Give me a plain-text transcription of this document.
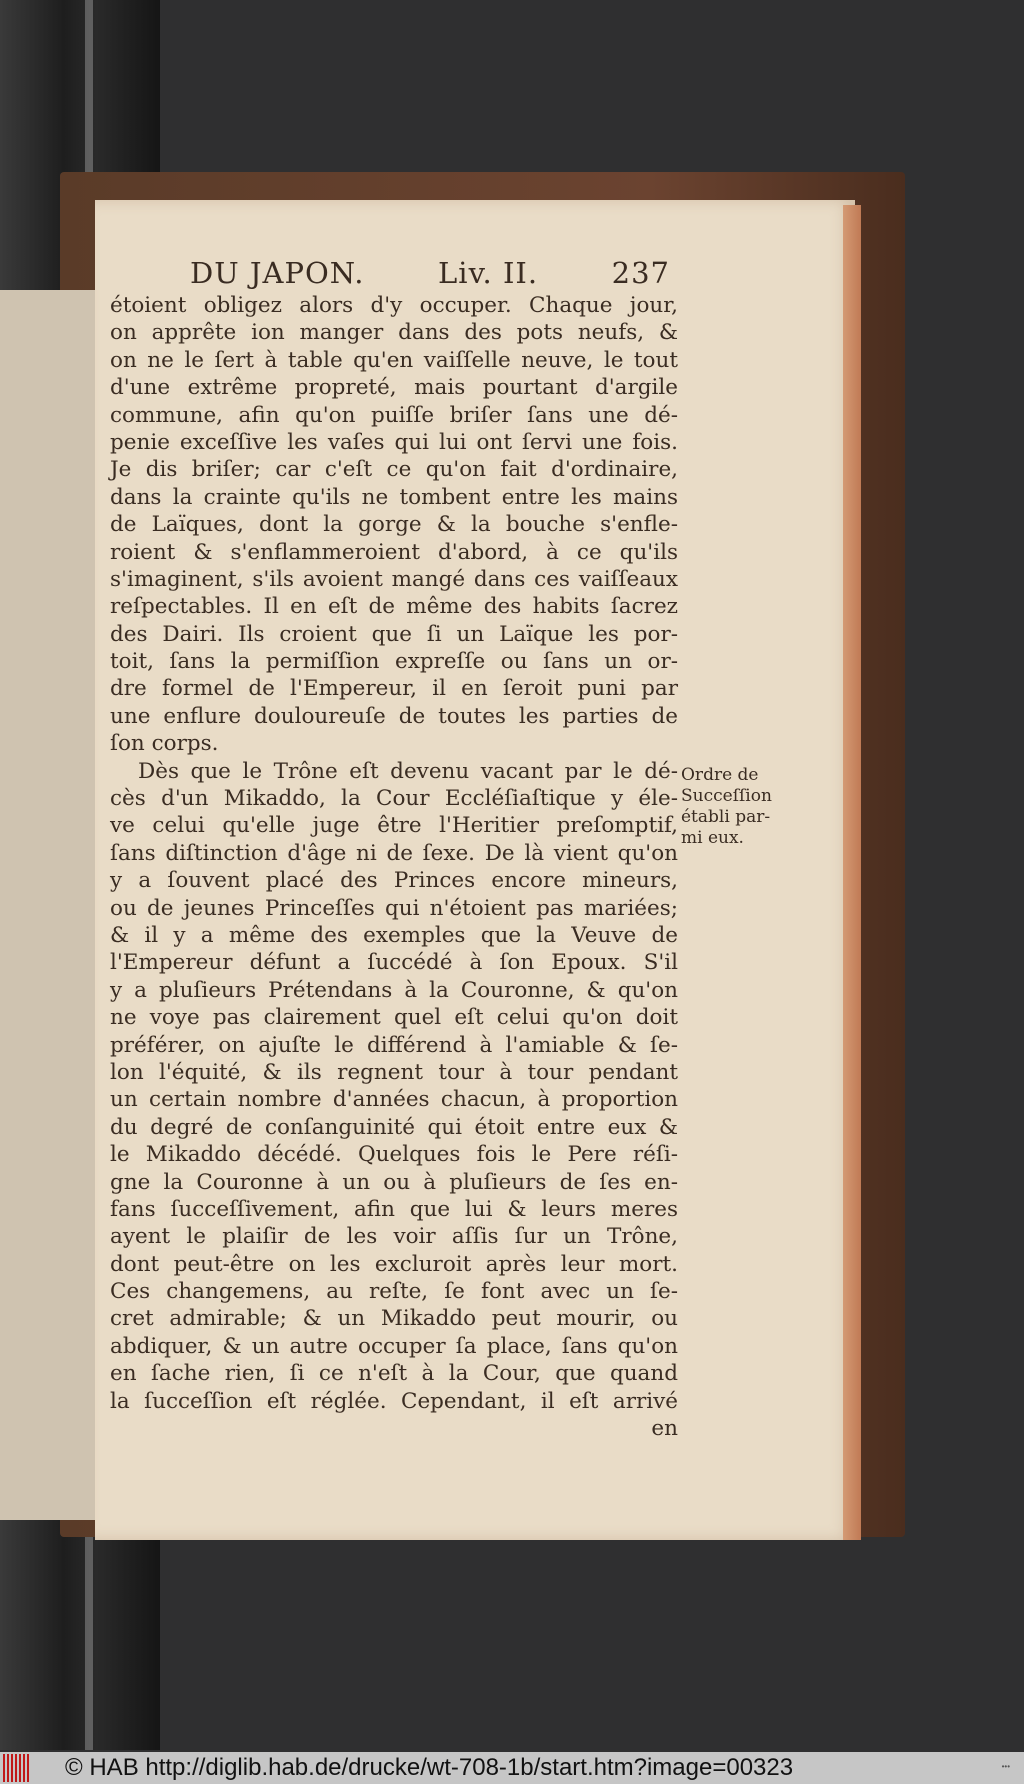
DU JAPON.	Liv. II.	237
étoient obligez alors d'y occuper. Chaque jour,
on apprête ion manger dans des pots neufs, &
on ne le ſert à table qu'en vaiſſelle neuve, le tout
d'une extrême propreté, mais pourtant d'argile
commune, afin qu'on puiſſe briſer ſans une dé-
penie exceſſive les vaſes qui lui ont ſervi une fois.
Je dis briſer; car c'eſt ce qu'on fait d'ordinaire,
dans la crainte qu'ils ne tombent entre les mains
de Laïques, dont la gorge & la bouche s'enfle-
roient & s'enflammeroient d'abord, à ce qu'ils
s'imaginent, s'ils avoient mangé dans ces vaiſſeaux
reſpectables. Il en eſt de même des habits ſacrez
des Dairi. Ils croient que ſi un Laïque les por-
toit, ſans la permiſſion expreſſe ou ſans un or-
dre formel de l'Empereur, il en ſeroit puni par
une enflure douloureuſe de toutes les parties de
ſon corps.
Dès que le Trône eſt devenu vacant par le dé-
cès d'un Mikaddo, la Cour Eccléſiaſtique y éle-
ve celui qu'elle juge être l'Heritier preſomptif,
ſans diſtinction d'âge ni de ſexe. De là vient qu'on
y a ſouvent placé des Princes encore mineurs,
ou de jeunes Princeſſes qui n'étoient pas mariées;
& il y a même des exemples que la Veuve de
l'Empereur défunt a ſuccédé à ſon Epoux. S'il
y a pluſieurs Prétendans à la Couronne, & qu'on
ne voye pas clairement quel eſt celui qu'on doit
préférer, on ajuſte le différend à l'amiable & ſe-
lon l'équité, & ils regnent tour à tour pendant
un certain nombre d'années chacun, à proportion
du degré de conſanguinité qui étoit entre eux &
le Mikaddo décédé. Quelques fois le Pere réſi-
gne la Couronne à un ou à pluſieurs de ſes en-
fans ſucceſſivement, afin que lui & leurs meres
ayent le plaiſir de les voir aſſis ſur un Trône,
dont peut-être on les excluroit après leur mort.
Ces changemens, au reſte, ſe font avec un ſe-
cret admirable; & un Mikaddo peut mourir, ou
abdiquer, & un autre occuper ſa place, ſans qu'on
en ſache rien, ſi ce n'eſt à la Cour, que quand
la ſucceſſion eſt réglée. Cependant, il eſt arrivé
en
Ordre de
Succeſſion
établi par-
mi eux.
© HAB http://diglib.hab.de/drucke/wt-708-1b/start.htm?image=00323	•••
